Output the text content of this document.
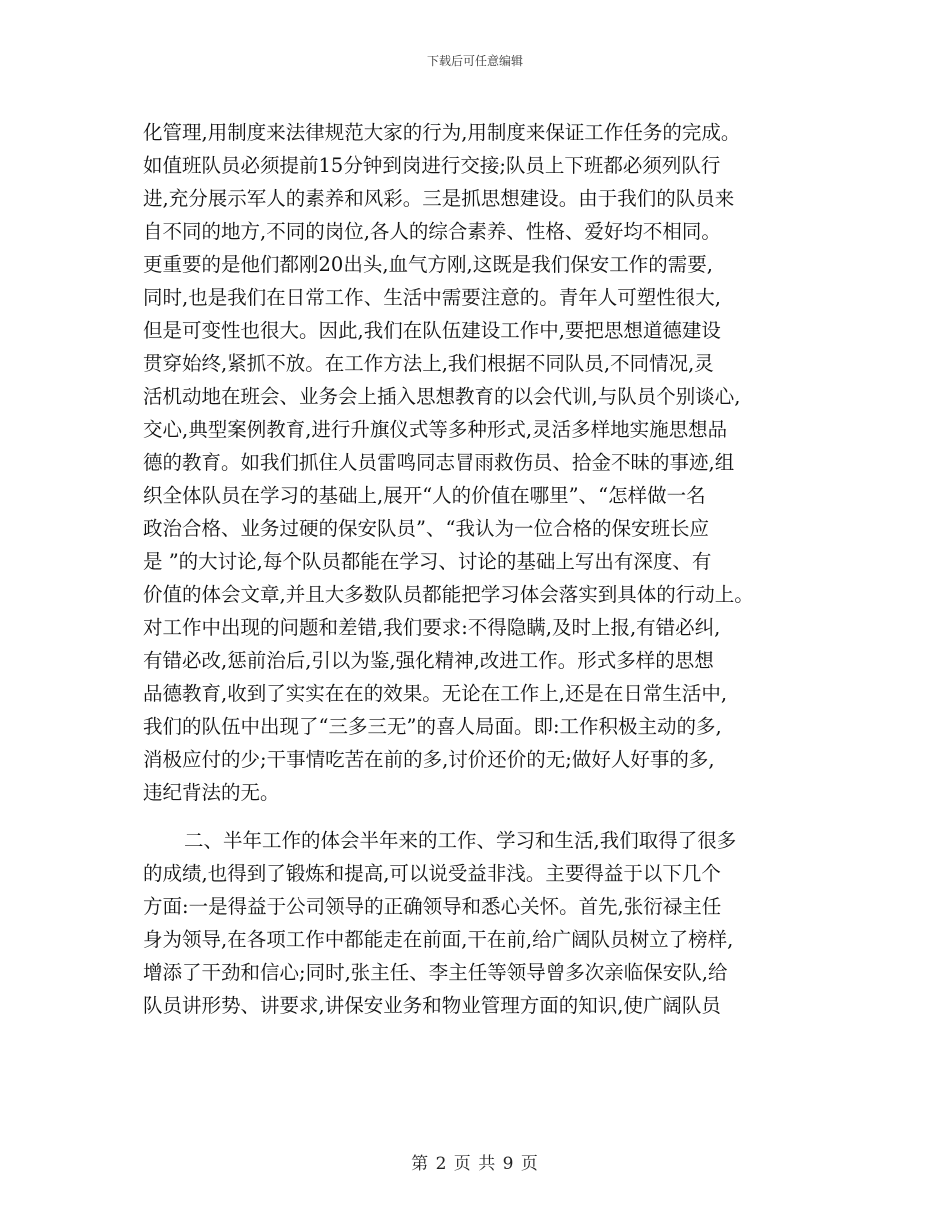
下载后可任意编辑
化管理,用制度来法律规范大家的行为,用制度来保证工作任务的完成。
如值班队员必须提前15分钟到岗进行交接;队员上下班都必须列队行
进,充分展示军人的素养和风彩。三是抓思想建设。由于我们的队员来
自不同的地方,不同的岗位,各人的综合素养、性格、爱好均不相同。
更重要的是他们都刚20出头,血气方刚,这既是我们保安工作的需要,
同时,也是我们在日常工作、生活中需要注意的。青年人可塑性很大,
但是可变性也很大。因此,我们在队伍建设工作中,要把思想道德建设
贯穿始终,紧抓不放。在工作方法上,我们根据不同队员,不同情况,灵
活机动地在班会、业务会上插入思想教育的以会代训,与队员个别谈心,
交心,典型案例教育,进行升旗仪式等多种形式,灵活多样地实施思想品
德的教育。如我们抓住人员雷鸣同志冒雨救伤员、拾金不昧的事迹,组
织全体队员在学习的基础上,展开“人的价值在哪里”、“怎样做一名
政治合格、业务过硬的保安队员”、“我认为一位合格的保安班长应
是 ”的大讨论,每个队员都能在学习、讨论的基础上写出有深度、有
价值的体会文章,并且大多数队员都能把学习体会落实到具体的行动上。
对工作中出现的问题和差错,我们要求:不得隐瞒,及时上报,有错必纠,
有错必改,惩前治后,引以为鉴,强化精神,改进工作。形式多样的思想
品德教育,收到了实实在在的效果。无论在工作上,还是在日常生活中,
我们的队伍中出现了“三多三无”的喜人局面。即:工作积极主动的多,
消极应付的少;干事情吃苦在前的多,讨价还价的无;做好人好事的多,
违纪背法的无。
二、半年工作的体会半年来的工作、学习和生活,我们取得了很多
的成绩,也得到了锻炼和提高,可以说受益非浅。主要得益于以下几个
方面:一是得益于公司领导的正确领导和悉心关怀。首先,张衍禄主任
身为领导,在各项工作中都能走在前面,干在前,给广阔队员树立了榜样,
增添了干劲和信心;同时,张主任、李主任等领导曾多次亲临保安队,给
队员讲形势、讲要求,讲保安业务和物业管理方面的知识,使广阔队员
第 2 页 共 9 页
